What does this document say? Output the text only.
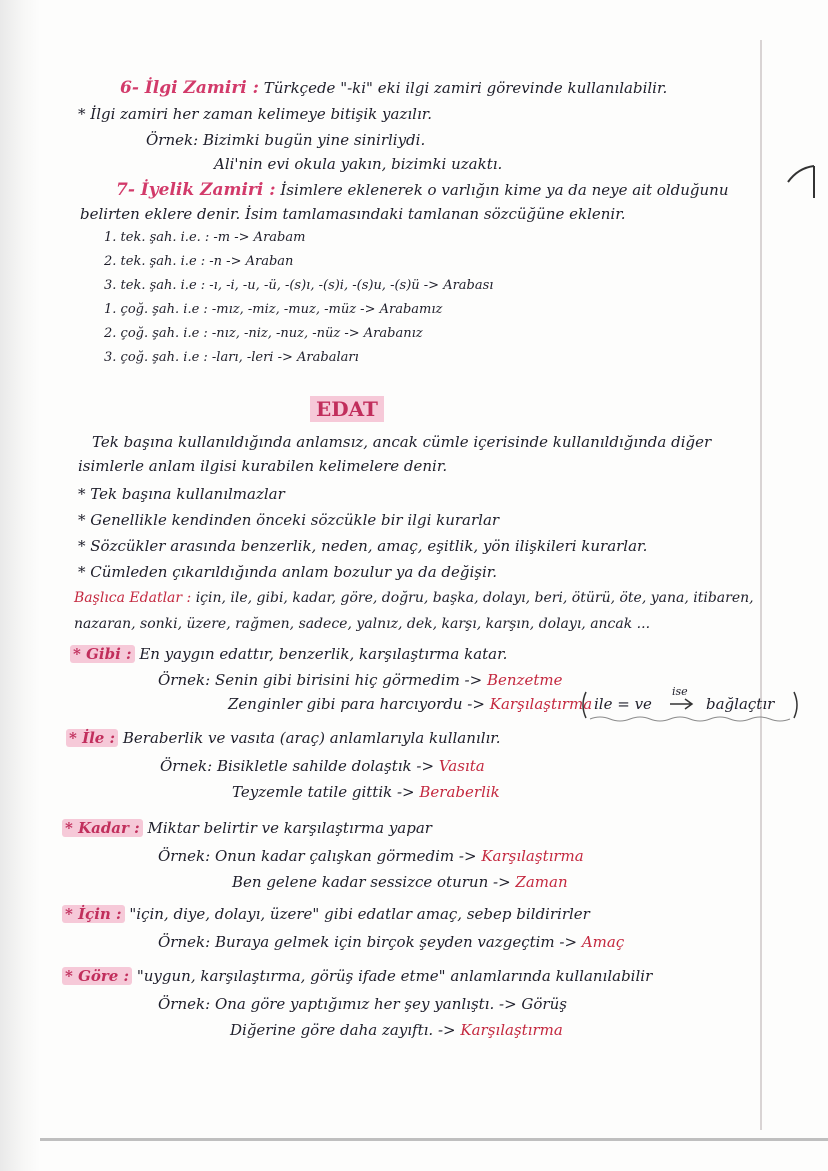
6- İlgi Zamiri : Türkçede "-ki" eki ilgi zamiri görevinde kullanılabilir.
* İlgi zamiri her zaman kelimeye bitişik yazılır.
Örnek: Bizimki bugün yine sinirliydi.
Ali'nin evi okula yakın, bizimki uzaktı.
7- İyelik Zamiri : İsimlere eklenerek o varlığın kime ya da neye ait olduğunu
belirten eklere denir. İsim tamlamasındaki tamlanan sözcüğüne eklenir.
1. tek. şah. i.e. : -m -> Arabam
2. tek. şah. i.e : -n -> Araban
3. tek. şah. i.e : -ı, -i, -u, -ü, -(s)ı, -(s)i, -(s)u, -(s)ü -> Arabası
1. çoğ. şah. i.e : -mız, -miz, -muz, -müz -> Arabamız
2. çoğ. şah. i.e : -nız, -niz, -nuz, -nüz -> Arabanız
3. çoğ. şah. i.e : -ları, -leri -> Arabaları
EDAT
Tek başına kullanıldığında anlamsız, ancak cümle içerisinde kullanıldığında diğer
isimlerle anlam ilgisi kurabilen kelimelere denir.
* Tek başına kullanılmazlar
* Genellikle kendinden önceki sözcükle bir ilgi kurarlar
* Sözcükler arasında benzerlik, neden, amaç, eşitlik, yön ilişkileri kurarlar.
* Cümleden çıkarıldığında anlam bozulur ya da değişir.
Başlıca Edatlar : için, ile, gibi, kadar, göre, doğru, başka, dolayı, beri, ötürü, öte, yana, itibaren,
nazaran, sonki, üzere, rağmen, sadece, yalnız, dek, karşı, karşın, dolayı, ancak ...
* Gibi : En yaygın edattır, benzerlik, karşılaştırma katar.
Örnek: Senin gibi birisini hiç görmedim -> Benzetme
Zenginler gibi para harcıyordu -> Karşılaştırma ile = ve
ise
bağlaçtır
* İle : Beraberlik ve vasıta (araç) anlamlarıyla kullanılır.
Örnek: Bisikletle sahilde dolaştık -> Vasıta
Teyzemle tatile gittik -> Beraberlik
* Kadar : Miktar belirtir ve karşılaştırma yapar
Örnek: Onun kadar çalışkan görmedim -> Karşılaştırma
Ben gelene kadar sessizce oturun -> Zaman
* İçin : "için, diye, dolayı, üzere" gibi edatlar amaç, sebep bildirirler
Örnek: Buraya gelmek için birçok şeyden vazgeçtim -> Amaç
* Göre : "uygun, karşılaştırma, görüş ifade etme" anlamlarında kullanılabilir
Örnek: Ona göre yaptığımız her şey yanlıştı. -> Görüş
Diğerine göre daha zayıftı. -> Karşılaştırma
